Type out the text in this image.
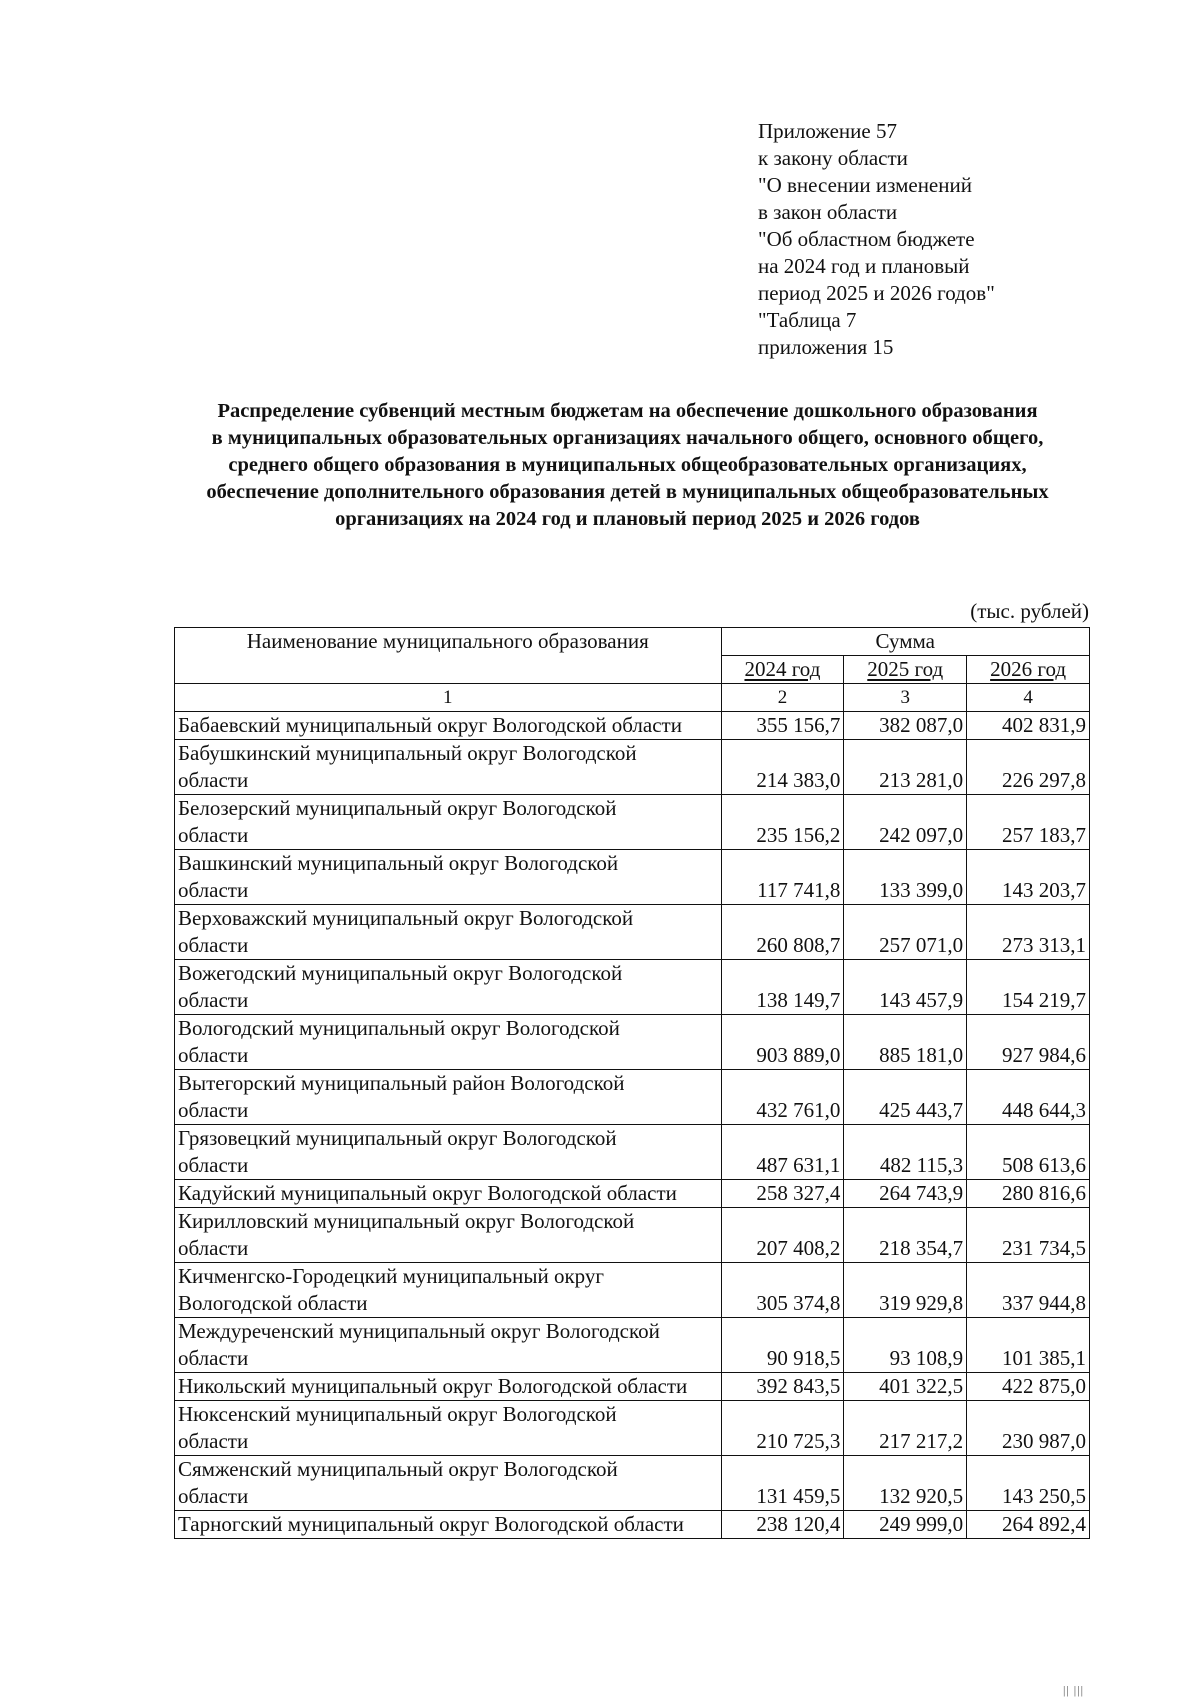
Приложение 57
к закону области
"О внесении изменений
в закон области
"Об областном бюджете
на 2024 год и плановый
период 2025 и 2026 годов"
"Таблица 7
приложения 15
Распределение субвенций местным бюджетам на обеспечение дошкольного образования
в муниципальных образовательных организациях начального общего, основного общего,
среднего общего образования в муниципальных общеобразовательных организациях,
обеспечение дополнительного образования детей в муниципальных общеобразовательных
организациях на 2024 год и плановый период 2025 и 2026 годов
(тыс. рублей)
Наименование муниципального образования	Сумма		
	2024 год	2025 год	2026 год
1	2	3	4

Бабаевский муниципальный округ Вологодской области	355 156,7	382 087,0	402 831,9

Бабушкинский муниципальный округ Вологодской
области	214 383,0	213 281,0	226 297,8

Белозерский муниципальный округ Вологодской
области	235 156,2	242 097,0	257 183,7

Вашкинский муниципальный округ Вологодской
области	117 741,8	133 399,0	143 203,7

Верховажский муниципальный округ Вологодской
области	260 808,7	257 071,0	273 313,1

Вожегодский муниципальный округ Вологодской
области	138 149,7	143 457,9	154 219,7

Вологодский муниципальный округ Вологодской
области	903 889,0	885 181,0	927 984,6

Вытегорский муниципальный район Вологодской
области	432 761,0	425 443,7	448 644,3

Грязовецкий муниципальный округ Вологодской
области	487 631,1	482 115,3	508 613,6

Кадуйский муниципальный округ Вологодской области	258 327,4	264 743,9	280 816,6

Кирилловский муниципальный округ Вологодской
области	207 408,2	218 354,7	231 734,5

Кичменгско-Городецкий муниципальный округ
Вологодской области	305 374,8	319 929,8	337 944,8

Междуреченский муниципальный округ Вологодской
области	90 918,5	93 108,9	101 385,1

Никольский муниципальный округ Вологодской области	392 843,5	401 322,5	422 875,0

Нюксенский муниципальный округ Вологодской
области	210 725,3	217 217,2	230 987,0

Сямженский муниципальный округ Вологодской
области	131 459,5	132 920,5	143 250,5

Тарногский муниципальный округ Вологодской области	238 120,4	249 999,0	264 892,4
|| |||
